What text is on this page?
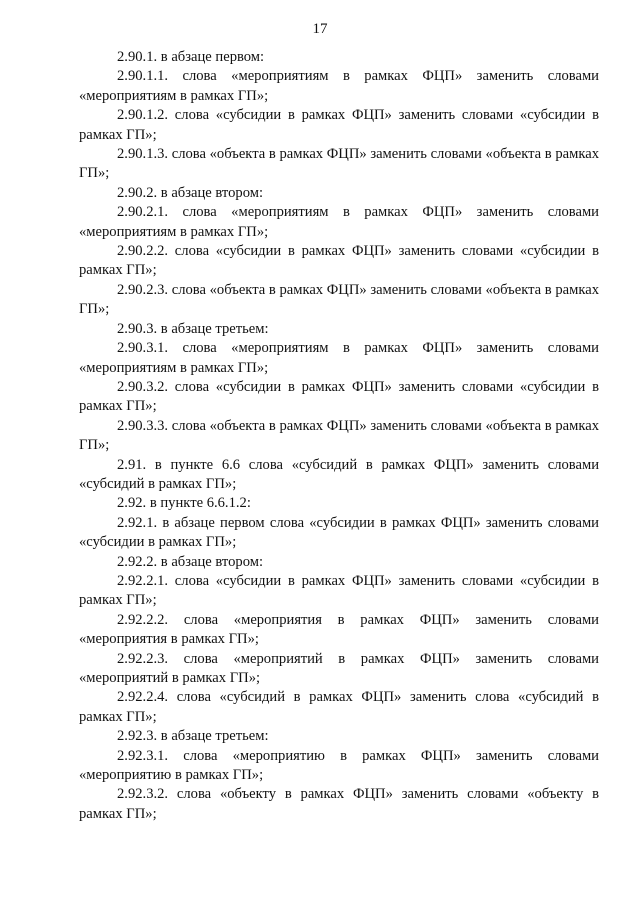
17

2.90.1. в абзаце первом:

2.90.1.1. слова «мероприятиям в рамках ФЦП» заменить словами «мероприятиям в рамках ГП»;

2.90.1.2. слова «субсидии в рамках ФЦП» заменить словами «субсидии в рамках ГП»;

2.90.1.3. слова «объекта в рамках ФЦП» заменить словами «объекта в рамках ГП»;

2.90.2. в абзаце втором:

2.90.2.1. слова «мероприятиям в рамках ФЦП» заменить словами «мероприятиям в рамках ГП»;

2.90.2.2. слова «субсидии в рамках ФЦП» заменить словами «субсидии в рамках ГП»;

2.90.2.3. слова «объекта в рамках ФЦП» заменить словами «объекта в рамках ГП»;

2.90.3. в абзаце третьем:

2.90.3.1. слова «мероприятиям в рамках ФЦП» заменить словами «мероприятиям в рамках ГП»;

2.90.3.2. слова «субсидии в рамках ФЦП» заменить словами «субсидии в рамках ГП»;

2.90.3.3. слова «объекта в рамках ФЦП» заменить словами «объекта в рамках ГП»;

2.91. в пункте 6.6 слова «субсидий в рамках ФЦП» заменить словами «субсидий в рамках ГП»;

2.92. в пункте 6.6.1.2:

2.92.1. в абзаце первом слова «субсидии в рамках ФЦП» заменить словами «субсидии в рамках ГП»;

2.92.2. в абзаце втором:

2.92.2.1. слова «субсидии в рамках ФЦП» заменить словами «субсидии в рамках ГП»;

2.92.2.2. слова «мероприятия в рамках ФЦП» заменить словами «мероприятия в рамках ГП»;

2.92.2.3. слова «мероприятий в рамках ФЦП» заменить словами «мероприятий в рамках ГП»;

2.92.2.4. слова «субсидий в рамках ФЦП» заменить слова «субсидий в рамках ГП»;

2.92.3. в абзаце третьем:

2.92.3.1. слова «мероприятию в рамках ФЦП» заменить словами «мероприятию в рамках ГП»;

2.92.3.2. слова «объекту в рамках ФЦП» заменить словами «объекту в рамках ГП»;
